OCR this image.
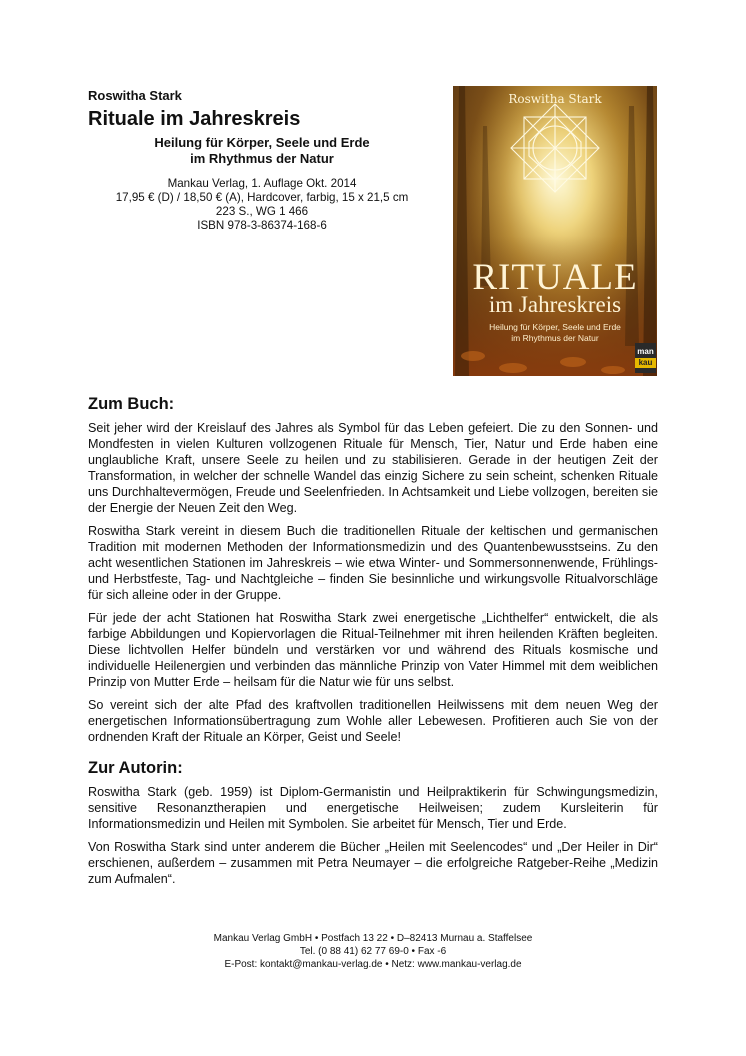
Roswitha Stark

Rituale im Jahreskreis

Heilung für Körper, Seele und Erde
im Rhythmus der Natur
Mankau Verlag, 1. Auflage Okt. 2014
17,95 € (D) / 18,50 € (A), Hardcover, farbig, 15 x 21,5 cm
223 S., WG 1 466
ISBN 978-3-86374-168-6
Roswitha Stark
RITUALE
im Jahreskreis
Heilung für Körper, Seele und Erde
im Rhythmus der Natur
man
kau
Zum Buch:

Seit jeher wird der Kreislauf des Jahres als Symbol für das Leben gefeiert. Die zu den Sonnen- und Mondfesten in vielen Kulturen vollzogenen Rituale für Mensch, Tier, Natur und Erde haben eine unglaubliche Kraft, unsere Seele zu heilen und zu stabilisieren. Gerade in der heutigen Zeit der Transformation, in welcher der schnelle Wandel das einzig Sichere zu sein scheint, schenken Rituale uns Durchhaltevermögen, Freude und Seelenfrieden. In Achtsamkeit und Liebe vollzogen, bereiten sie der Energie der Neuen Zeit den Weg.

Roswitha Stark vereint in diesem Buch die traditionellen Rituale der keltischen und germanischen Tradition mit modernen Methoden der Informationsmedizin und des Quantenbewusstseins. Zu den acht wesentlichen Stationen im Jahreskreis – wie etwa Winter- und Sommersonnenwende, Frühlings- und Herbstfeste, Tag- und Nachtgleiche – finden Sie besinnliche und wirkungsvolle Ritualvorschläge für sich alleine oder in der Gruppe.

Für jede der acht Stationen hat Roswitha Stark zwei energetische „Lichthelfer“ entwickelt, die als farbige Abbildungen und Kopiervorlagen die Ritual-Teilnehmer mit ihren heilenden Kräften begleiten. Diese lichtvollen Helfer bündeln und verstärken vor und während des Rituals kosmische und individuelle Heilenergien und verbinden das männliche Prinzip von Vater Himmel mit dem weiblichen Prinzip von Mutter Erde – heilsam für die Natur wie für uns selbst.

So vereint sich der alte Pfad des kraftvollen traditionellen Heilwissens mit dem neuen Weg der energetischen Informationsübertragung zum Wohle aller Lebewesen. Profitieren auch Sie von der ordnenden Kraft der Rituale an Körper, Geist und Seele!

Zur Autorin:

Roswitha Stark (geb. 1959) ist Diplom-Germanistin und Heilpraktikerin für Schwingungsmedizin, sensitive Resonanztherapien und energetische Heilweisen; zudem Kursleiterin für Informationsmedizin und Heilen mit Symbolen. Sie arbeitet für Mensch, Tier und Erde.

Von Roswitha Stark sind unter anderem die Bücher „Heilen mit Seelencodes“ und „Der Heiler in Dir“ erschienen, außerdem – zusammen mit Petra Neumayer – die erfolgreiche Ratgeber-Reihe „Medizin zum Aufmalen“.

Mankau Verlag GmbH • Postfach 13 22 • D–82413 Murnau a. Staffelsee
Tel. (0 88 41) 62 77 69-0 • Fax -6
E-Post: kontakt@mankau-verlag.de • Netz: www.mankau-verlag.de
